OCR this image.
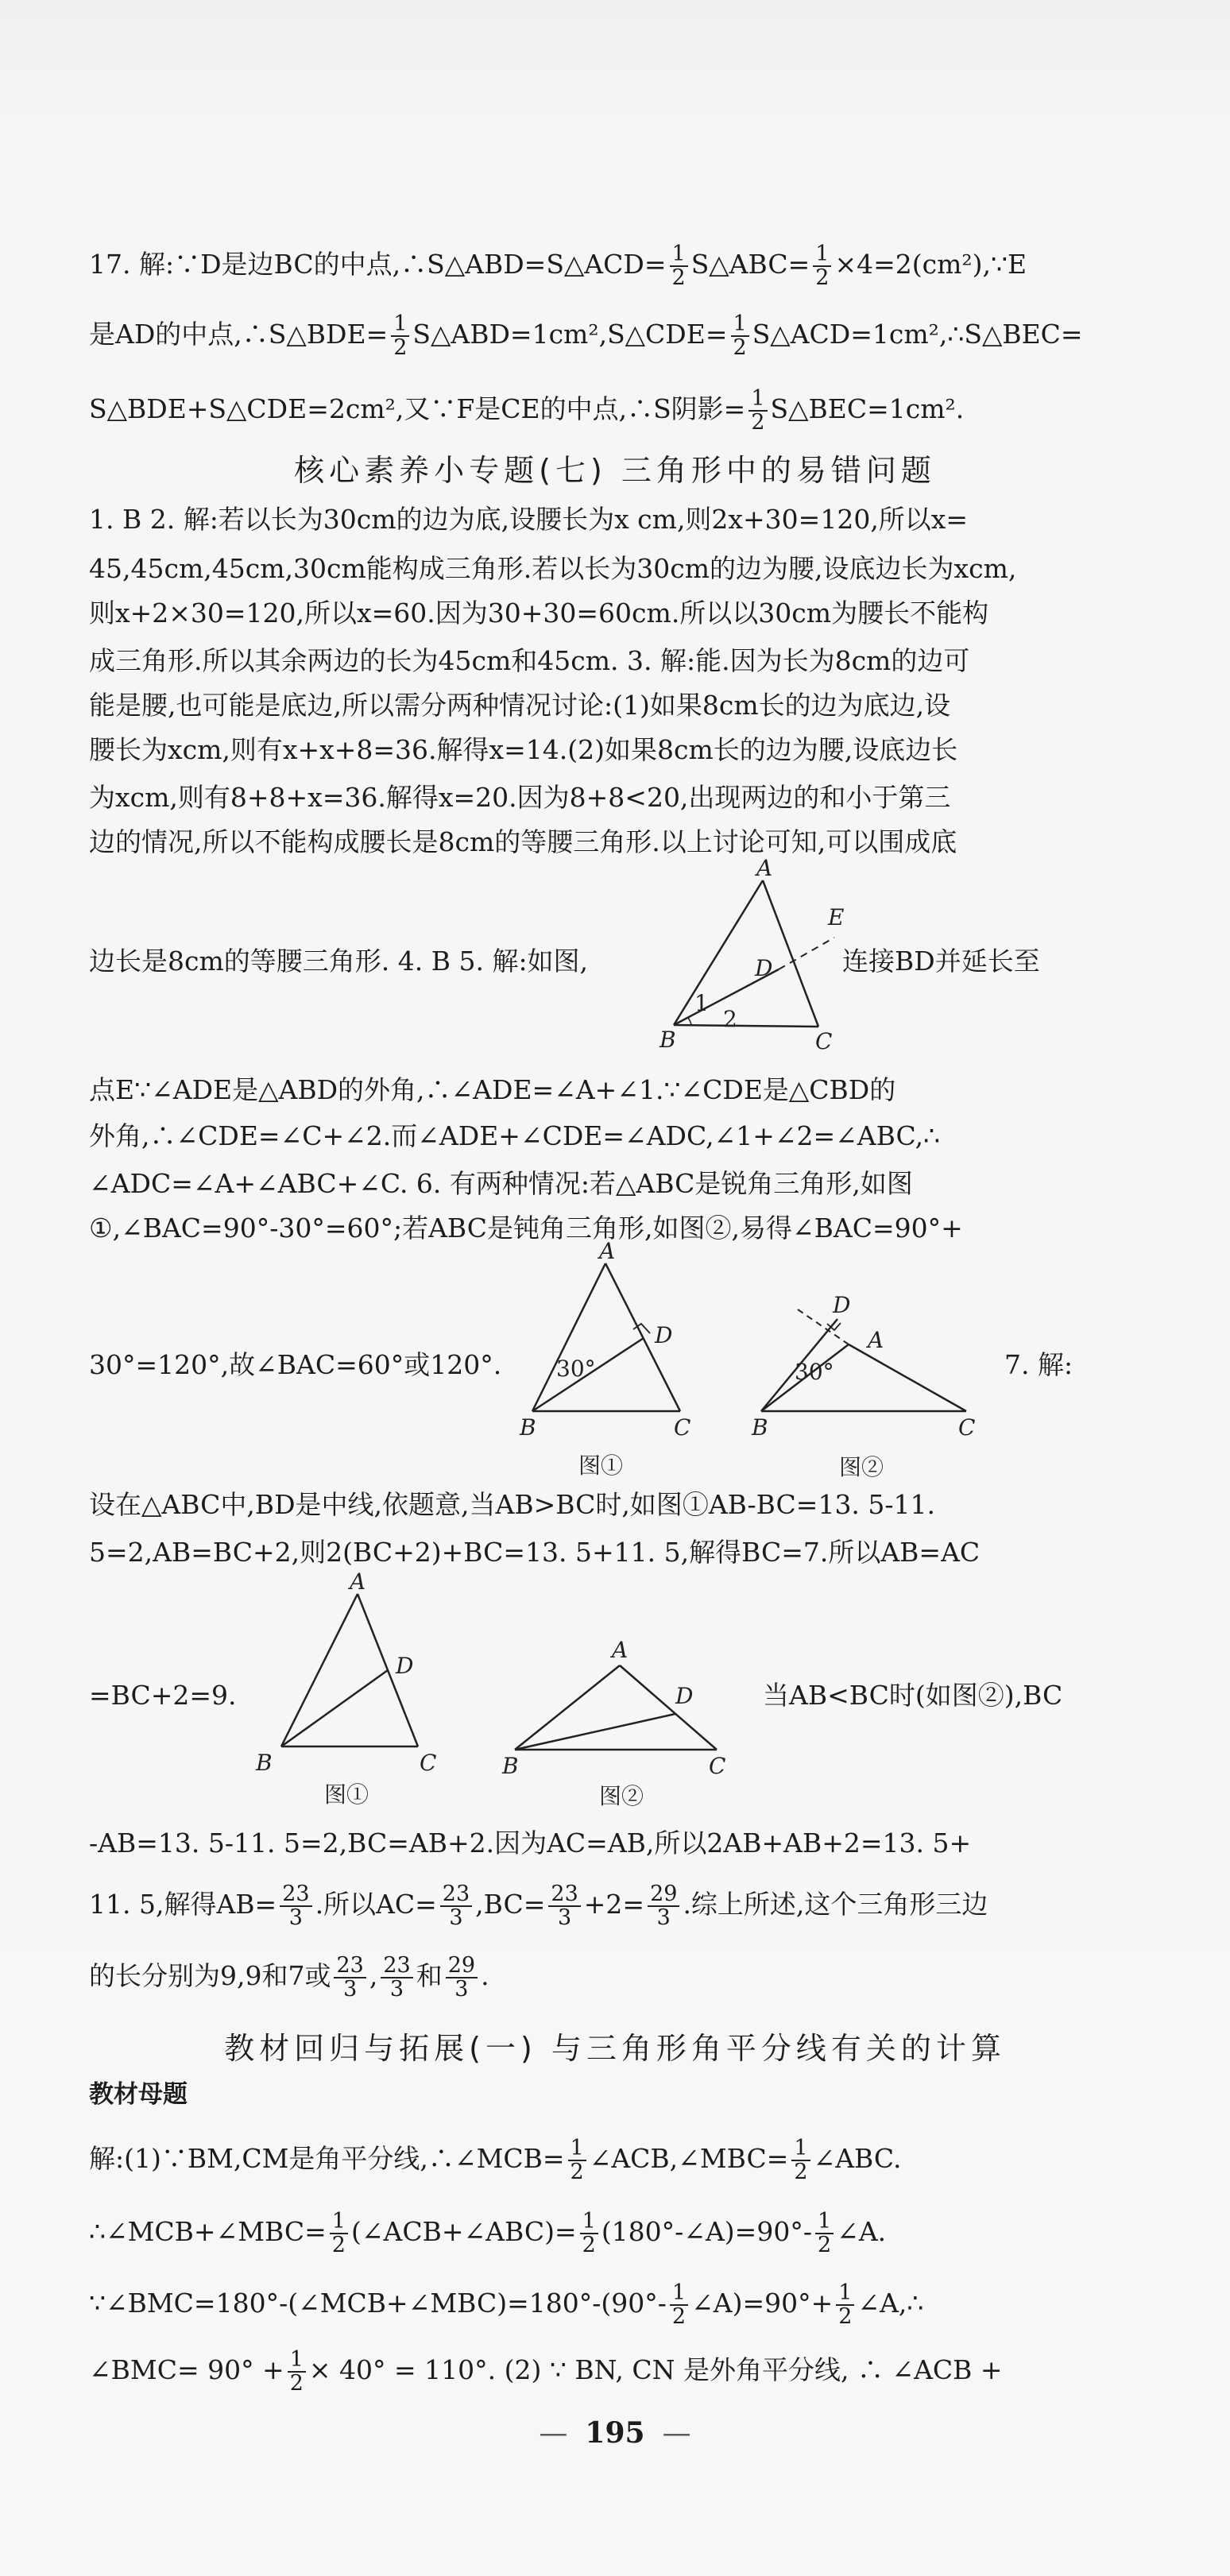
17. 解:∵D是边BC的中点,∴S△ABD=S△ACD= $\frac{1}{2}$ S△ABC= $\frac{1}{2}$ ×4=2(cm²),∵E
是AD的中点,∴S△BDE= $\frac{1}{2}$ S△ABD=1cm²,S△CDE= $\frac{1}{2}$ S△ACD=1cm²,∴S△BEC=
S△BDE+S△CDE=2cm²,又∵F是CE的中点,∴S阴影= $\frac{1}{2}$ S△BEC=1cm².
核心素养小专题(七) 三角形中的易错问题
1. B 2. 解:若以长为30cm的边为底,设腰长为x cm,则2x+30=120,所以x=
45,45cm,45cm,30cm能构成三角形.若以长为30cm的边为腰,设底边长为xcm,
则x+2×30=120,所以x=60.因为30+30=60cm.所以以30cm为腰长不能构
成三角形.所以其余两边的长为45cm和45cm. 3. 解:能.因为长为8cm的边可
能是腰,也可能是底边,所以需分两种情况讨论:(1)如果8cm长的边为底边,设
腰长为xcm,则有x+x+8=36.解得x=14.(2)如果8cm长的边为腰,设底边长
为xcm,则有8+8+x=36.解得x=20.因为8+8<20,出现两边的和小于第三
边的情况,所以不能构成腰长是8cm的等腰三角形.以上讨论可知,可以围成底
边长是8cm的等腰三角形. 4. B 5. 解:如图,	连接BD并延长至
A
B	C
D
E
1
2
点E∵∠ADE是△ABD的外角,∴∠ADE=∠A+∠1.∵∠CDE是△CBD的
外角,∴∠CDE=∠C+∠2.而∠ADE+∠CDE=∠ADC,∠1+∠2=∠ABC,∴
∠ADC=∠A+∠ABC+∠C. 6. 有两种情况:若△ABC是锐角三角形,如图
①,∠BAC=90°-30°=60°;若ABC是钝角三角形,如图②,易得∠BAC=90°+
30°=120°,故∠BAC=60°或120°.	7. 解:
A
B	C
D
30°
图①
D
A
B	C
30°
图②
设在△ABC中,BD是中线,依题意,当AB>BC时,如图①AB-BC=13. 5-11.
5=2,AB=BC+2,则2(BC+2)+BC=13. 5+11. 5,解得BC=7.所以AB=AC
=BC+2=9.	当AB<BC时(如图②),BC
A
B	C
D
图①
A
B	C
D
图②
-AB=13. 5-11. 5=2,BC=AB+2.因为AC=AB,所以2AB+AB+2=13. 5+
11. 5,解得$AB= \frac{23}{3}$ .所以$AC= \frac{23}{3} ,BC= \frac{23}{3} +2= \frac{29}{3}$ .综上所述,这个三角形三边
的长分别为9,9和7或 $\frac{23}{3}$ , $\frac{23}{3}$ 和 $\frac{29}{3}$ .
教材回归与拓展(一) 与三角形角平分线有关的计算
教材母题
解:(1)∵BM,CM是角平分线,∴∠MCB= $\frac{1}{2}$ ∠ACB,∠MBC= $\frac{1}{2}$ ∠ABC.
∴∠MCB+∠MBC= $\frac{1}{2}$ (∠ACB+∠ABC)= $\frac{1}{2}$ (180°-∠A)=90°- $\frac{1}{2}$ ∠A.
∵∠BMC=180°-(∠MCB+∠MBC)=180°-(90°- $\frac{1}{2}$ ∠A)=90°+ $\frac{1}{2}$ ∠A,∴
∠BMC= $90^\circ + \frac{1}{2} \times 40^\circ = 110^\circ$. (2) ∵ BN, CN 是外角平分线, ∴ ∠ACB +
— 195 —
